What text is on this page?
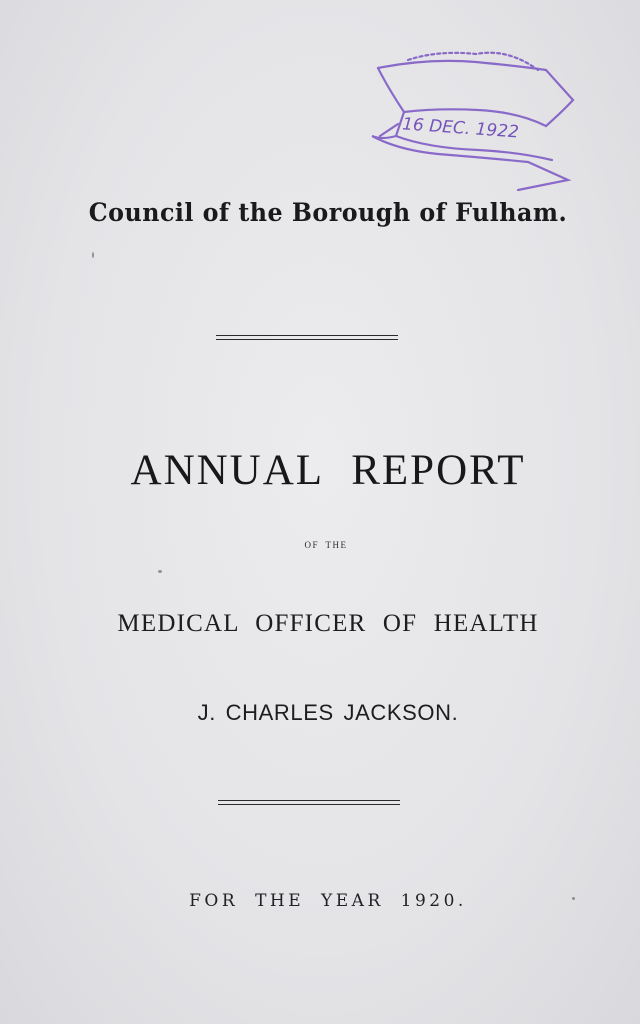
16 DEC. 1922
Council of the Borough of Fulham.
ANNUAL REPORT
OF THE
MEDICAL OFFICER OF HEALTH
J. CHARLES JACKSON.
FOR THE YEAR 1920.
